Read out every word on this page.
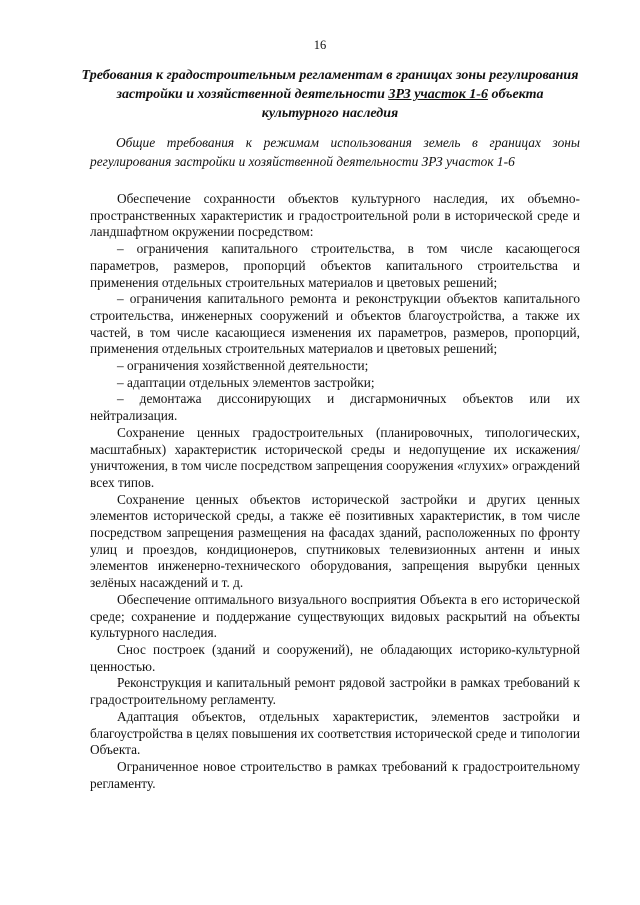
16
Требования к градостроительным регламентам в границах зоны регулирования застройки и хозяйственной деятельности ЗРЗ участок 1-6 объекта культурного наследия
Общие требования к режимам использования земель в границах зоны регулирования застройки и хозяйственной деятельности ЗРЗ участок 1-6

Обеспечение сохранности объектов культурного наследия, их объемно-пространственных характеристик и градостроительной роли в исторической среде и ландшафтном окружении посредством:

– ограничения капитального строительства, в том числе касающегося параметров, размеров, пропорций объектов капитального строительства и применения отдельных строительных материалов и цветовых решений;

– ограничения капитального ремонта и реконструкции объектов капитального строительства, инженерных сооружений и объектов благоустройства, а также их частей, в том числе касающиеся изменения их параметров, размеров, пропорций, применения отдельных строительных материалов и цветовых решений;

– ограничения хозяйственной деятельности;

– адаптации отдельных элементов застройки;

– демонтажа диссонирующих и дисгармоничных объектов или их нейтрализация.

Сохранение ценных градостроительных (планировочных, типологических, масштабных) характеристик исторической среды и недопущение их искажения/уничтожения, в том числе посредством запрещения сооружения «глухих» ограждений всех типов.

Сохранение ценных объектов исторической застройки и других ценных элементов исторической среды, а также её позитивных характеристик, в том числе посредством запрещения размещения на фасадах зданий, расположенных по фронту улиц и проездов, кондиционеров, спутниковых телевизионных антенн и иных элементов инженерно-технического оборудования, запрещения вырубки ценных зелёных насаждений и т. д.

Обеспечение оптимального визуального восприятия Объекта в его исторической среде; сохранение и поддержание существующих видовых раскрытий на объекты культурного наследия.

Снос построек (зданий и сооружений), не обладающих историко-культурной ценностью.

Реконструкция и капитальный ремонт рядовой застройки в рамках требований к градостроительному регламенту.

Адаптация объектов, отдельных характеристик, элементов застройки и благоустройства в целях повышения их соответствия исторической среде и типологии Объекта.

Ограниченное новое строительство в рамках требований к градостроительному регламенту.
